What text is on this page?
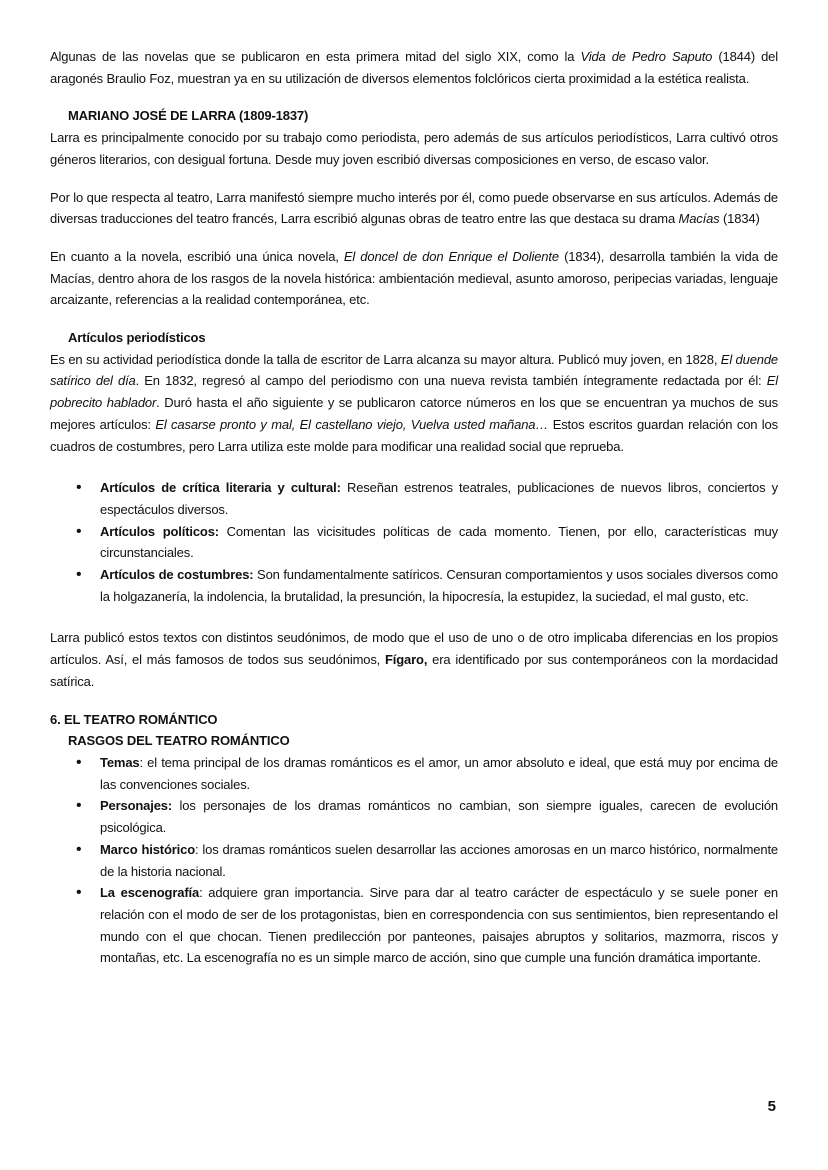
Algunas de las novelas que se publicaron en esta primera mitad del siglo XIX, como la Vida de Pedro Saputo (1844) del aragonés Braulio Foz, muestran ya en su utilización de diversos elementos folclóricos cierta proximidad a la estética realista.

MARIANO JOSÉ DE LARRA (1809-1837)

Larra es principalmente conocido por su trabajo como periodista, pero además de sus artículos periodísticos, Larra cultivó otros géneros literarios, con desigual fortuna. Desde muy joven escribió diversas composiciones en verso, de escaso valor.

Por lo que respecta al teatro, Larra manifestó siempre mucho interés por él, como puede observarse en sus artículos. Además de diversas traducciones del teatro francés, Larra escribió algunas obras de teatro entre las que destaca su drama Macías (1834)

En cuanto a la novela, escribió una única novela, El doncel de don Enrique el Doliente (1834), desarrolla también la vida de Macías, dentro ahora de los rasgos de la novela histórica: ambientación medieval, asunto amoroso, peripecias variadas, lenguaje arcaizante, referencias a la realidad contemporánea, etc.

Artículos periodísticos

Es en su actividad periodística donde la talla de escritor de Larra alcanza su mayor altura. Publicó muy joven, en 1828, El duende satírico del día. En 1832, regresó al campo del periodismo con una nueva revista también íntegramente redactada por él: El pobrecito hablador. Duró hasta el año siguiente y se publicaron catorce números en los que se encuentran ya muchos de sus mejores artículos: El casarse pronto y mal, El castellano viejo, Vuelva usted mañana… Estos escritos guardan relación con los cuadros de costumbres, pero Larra utiliza este molde para modificar una realidad social que reprueba.

• Artículos de crítica literaria y cultural: Reseñan estrenos teatrales, publicaciones de nuevos libros, conciertos y espectáculos diversos.
• Artículos políticos: Comentan las vicisitudes políticas de cada momento. Tienen, por ello, características muy circunstanciales.
• Artículos de costumbres: Son fundamentalmente satíricos. Censuran comportamientos y usos sociales diversos como la holgazanería, la indolencia, la brutalidad, la presunción, la hipocresía, la estupidez, la suciedad, el mal gusto, etc.

Larra publicó estos textos con distintos seudónimos, de modo que el uso de uno o de otro implicaba diferencias en los propios artículos. Así, el más famosos de todos sus seudónimos, Fígaro, era identificado por sus contemporáneos con la mordacidad satírica.

6. EL TEATRO ROMÁNTICO
RASGOS DEL TEATRO ROMÁNTICO
• Temas: el tema principal de los dramas románticos es el amor, un amor absoluto e ideal, que está muy por encima de las convenciones sociales.
• Personajes: los personajes de los dramas románticos no cambian, son siempre iguales, carecen de evolución psicológica.
• Marco histórico: los dramas románticos suelen desarrollar las acciones amorosas en un marco histórico, normalmente de la historia nacional.
• La escenografía: adquiere gran importancia. Sirve para dar al teatro carácter de espectáculo y se suele poner en relación con el modo de ser de los protagonistas, bien en correspondencia con sus sentimientos, bien representando el mundo con el que chocan. Tienen predilección por panteones, paisajes abruptos y solitarios, mazmorra, riscos y montañas, etc. La escenografía no es un simple marco de acción, sino que cumple una función dramática importante.
5
